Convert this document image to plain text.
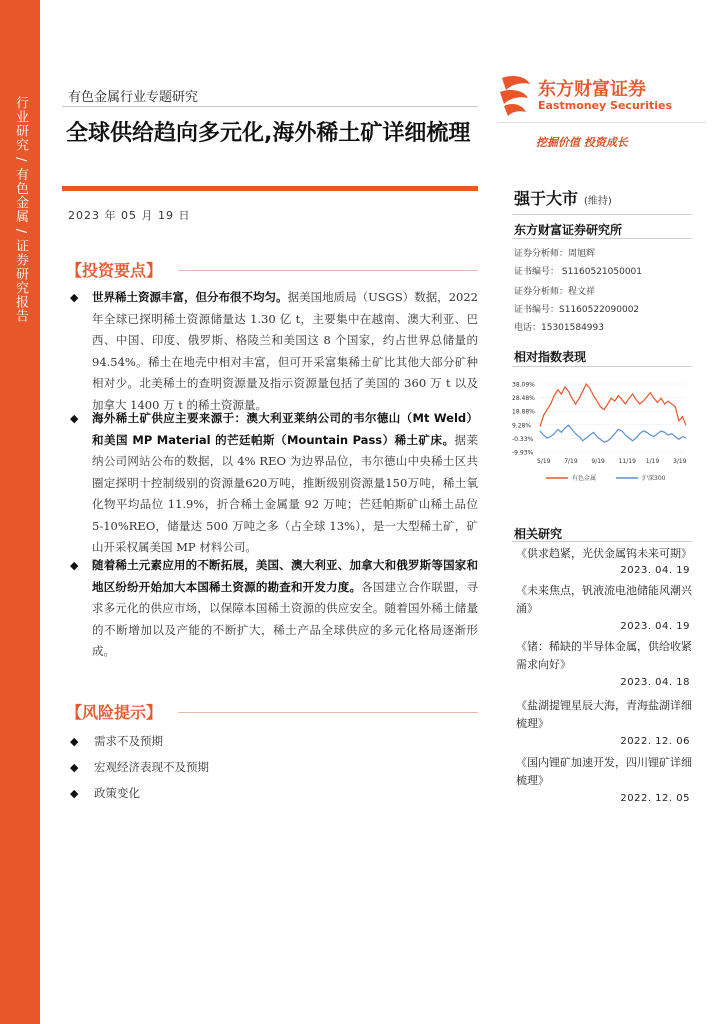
行业研究 / 有色金属 / 证券研究报告	有色金属行业专题研究
全球供给趋向多元化,海外稀土矿详细梳理
2023 年 05 月 19 日
【投资要点】
◆ 世界稀土资源丰富，但分布很不均匀。据美国地质局（USGS）数据，2022 年全球已探明稀土资源储量达 1.30 亿 t，主要集中在越南、澳大利亚、巴西、中国、印度、俄罗斯、格陵兰和美国这 8 个国家，约占世界总储量的94.54%。稀土在地壳中相对丰富，但可开采富集稀土矿比其他大部分矿种相对少。北美稀土的查明资源量及指示资源量包括了美国的 360 万 t 以及加拿大 1400 万 t 的稀土资源量。
◆ 海外稀土矿供应主要来源于：澳大利亚莱纳公司的韦尔德山（Mt Weld）和美国 MP Material 的芒廷帕斯（Mountain Pass）稀土矿床。据莱纳公司网站公布的数据，以 4% REO 为边界品位，韦尔德山中央稀土区共圈定探明十控制级别的资源量620万吨，推断级别资源量150万吨，稀土氧化物平均品位 11.9%，折合稀土金属量 92 万吨；芒廷帕斯矿山稀土品位 5-10%REO，储量达 500 万吨之多（占全球 13%），是一大型稀土矿，矿山开采权属美国 MP 材料公司。
◆ 随着稀土元素应用的不断拓展，美国、澳大利亚、加拿大和俄罗斯等国家和地区纷纷开始加大本国稀土资源的勘查和开发力度。各国建立合作联盟，寻求多元化的供应市场，以保障本国稀土资源的供应安全。随着国外稀土储量的不断增加以及产能的不断扩大，稀土产品全球供应的多元化格局逐渐形成。
【风险提示】
◆ 需求不及预期
◆ 宏观经济表现不及预期
◆ 政策变化
东方财富证券
Eastmoney Securities
挖掘价值 投资成长
强于大市 (维持)
东方财富证券研究所
证券分析师：周旭辉
证书编号： S1160521050001
证券分析师：程文祥
证书编号：S1160522090002
电话：15301584993
相对指数表现
38.09%
28.48%
18.88%
9.28%
-0.33%
-9.93%
5/19 7/19 9/19 11/19 1/19 3/19
有色金属	沪深300
相关研究
《供求趋紧，光伏金属钨未来可期》
2023. 04. 19
《未来焦点，钒液流电池储能风潮兴涌》
2023. 04. 19
《锗：稀缺的半导体金属，供给收紧需求向好》
2023. 04. 18
《盐湖提锂星辰大海，青海盐湖详细梳理》
2022. 12. 06
《国内锂矿加速开发，四川锂矿详细梳理》
2022. 12. 05
